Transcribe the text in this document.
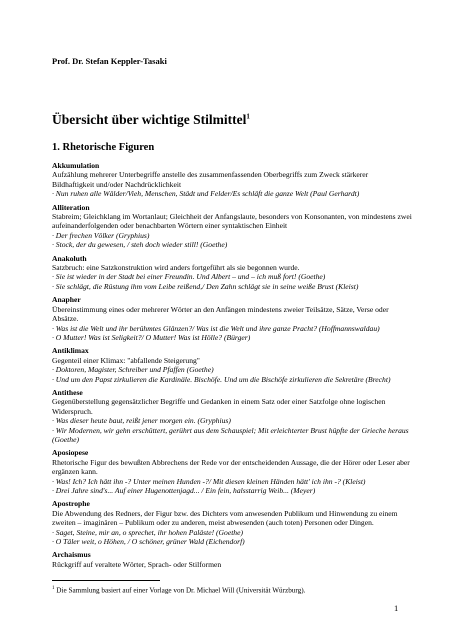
Prof. Dr. Stefan Keppler-Tasaki
Übersicht über wichtige Stilmittel$^1$
1. Rhetorische Figuren
Akkumulation
Aufzählung mehrerer Unterbegriffe anstelle des zusammenfassenden Oberbegriffs zum Zweck stärkerer Bildhaftigkeit und/oder Nachdrücklichkeit
· Nun ruhen alle Wälder/Vieh, Menschen, Städt und Felder/Es schläft die ganze Welt (Paul Gerhardt)
Alliteration
Stabreim; Gleichklang im Wortanlaut; Gleichheit der Anfangslaute, besonders von Konsonanten, von mindestens zwei aufeinanderfolgenden oder benachbarten Wörtern einer syntaktischen Einheit
· Der frechen Völker (Gryphius)
· Stock, der du gewesen, / steh doch wieder still! (Goethe)
Anakoluth
Satzbruch: eine Satzkonstruktion wird anders fortgeführt als sie begonnen wurde.
· Sie ist wieder in der Stadt bei einer Freundin. Und Albert – und – ich muß fort! (Goethe)
· Sie schlägt, die Rüstung ihm vom Leibe reißend,/ Den Zahn schlägt sie in seine weiße Brust (Kleist)
Anapher
Übereinstimmung eines oder mehrerer Wörter an den Anfängen mindestens zweier Teilsätze, Sätze, Verse oder Absätze.
· Was ist die Welt und ihr berühmtes Glänzen?/ Was ist die Welt und ihre ganze Pracht? (Hoffmannswaldau)
· O Mutter! Was ist Seligkeit?/ O Mutter! Was ist Hölle? (Bürger)
Antiklimax
Gegenteil einer Klimax: "abfallende Steigerung"
· Doktoren, Magister, Schreiber und Pfaffen (Goethe)
· Und um den Papst zirkulieren die Kardinäle. Bischöfe. Und um die Bischöfe zirkulieren die Sekretäre (Brecht)
Antithese
Gegenüberstellung gegensätzlicher Begriffe und Gedanken in einem Satz oder einer Satzfolge ohne logischen Widerspruch.
· Was dieser heute baut, reißt jener morgen ein. (Gryphius)
· Wir Modernen, wir gehn erschüttert, gerührt aus dem Schauspiel; Mit erleichterter Brust hüpfte der Grieche heraus (Goethe)
Aposiopese
Rhetorische Figur des bewußten Abbrechens der Rede vor der entscheidenden Aussage, die der Hörer oder Leser aber ergänzen kann.
· Was! Ich? Ich hätt ihn -? Unter meinen Hunden -?/ Mit diesen kleinen Händen hätt' ich ihn -? (Kleist)
· Drei Jahre sind's... Auf einer Hugenottenjagd... / Ein fein, halsstarrig Weib... (Meyer)
Apostrophe
Die Abwendung des Redners, der Figur bzw. des Dichters vom anwesenden Publikum und Hinwendung zu einem zweiten – imaginären – Publikum oder zu anderen, meist abwesenden (auch toten) Personen oder Dingen.
· Saget, Steine, mir an, o sprechet, ihr hohen Paläste! (Goethe)
· O Täler weit, o Höhen, / O schöner, grüner Wald (Eichendorf)
Archaismus
Rückgriff auf veraltete Wörter, Sprach- oder Stilformen
$^1$ Die Sammlung basiert auf einer Vorlage von Dr. Michael Will (Universität Würzburg).
1
